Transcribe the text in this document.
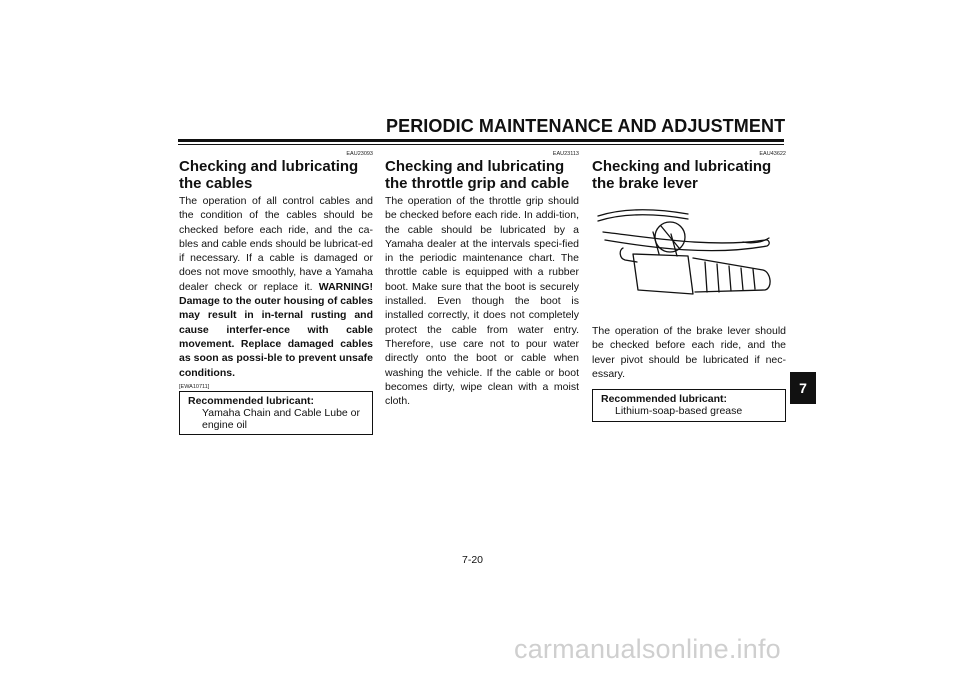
PERIODIC MAINTENANCE AND ADJUSTMENT
EAU23093
Checking and lubricating the cables

The operation of all control cables and the condition of the cables should be checked before each ride, and the ca-bles and cable ends should be lubricat-ed if necessary. If a cable is damaged or does not move smoothly, have a Yamaha dealer check or replace it. WARNING! Damage to the outer housing of cables may result in in-ternal rusting and cause interfer-ence with cable movement. Replace damaged cables as soon as possi-ble to prevent unsafe conditions.

[EWA10711]
Recommended lubricant:
Yamaha Chain and Cable Lube or engine oil
EAU23113
Checking and lubricating the throttle grip and cable

The operation of the throttle grip should be checked before each ride. In addi-tion, the cable should be lubricated by a Yamaha dealer at the intervals speci-fied in the periodic maintenance chart. The throttle cable is equipped with a rubber boot. Make sure that the boot is securely installed. Even though the boot is installed correctly, it does not completely protect the cable from water entry. Therefore, use care not to pour water directly onto the boot or cable when washing the vehicle. If the cable or boot becomes dirty, wipe clean with a moist cloth.

EAU43622
Checking and lubricating the brake lever

The operation of the brake lever should be checked before each ride, and the lever pivot should be lubricated if nec-essary.

Recommended lubricant:
Lithium-soap-based grease
7
7-20
carmanualsonline.info
